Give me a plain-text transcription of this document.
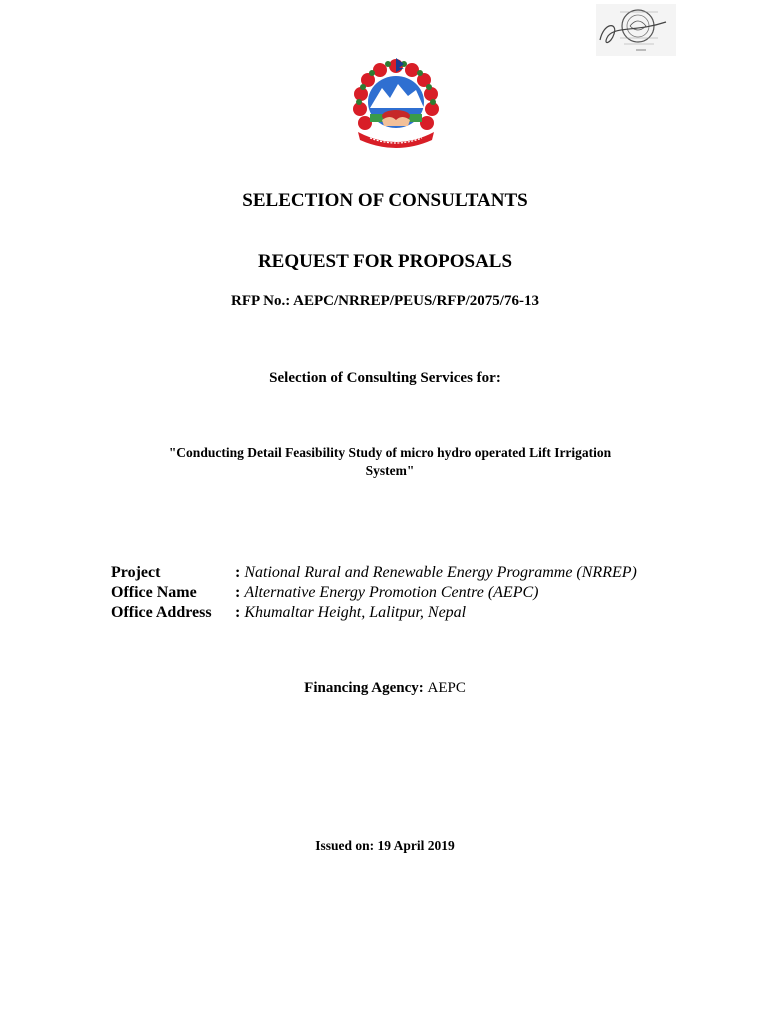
SELECTION OF CONSULTANTS
REQUEST FOR PROPOSALS
RFP No.: AEPC/NRREP/PEUS/RFP/2075/76-13
Selection of Consulting Services for:
"Conducting Detail Feasibility Study of micro hydro operated Lift Irrigation
System"
Project	: National Rural and Renewable Energy Programme (NRREP)
Office Name : Alternative Energy Promotion Centre (AEPC)
Office Address : Khumaltar Height, Lalitpur, Nepal
Financing Agency: AEPC
Issued on: 19 April 2019
